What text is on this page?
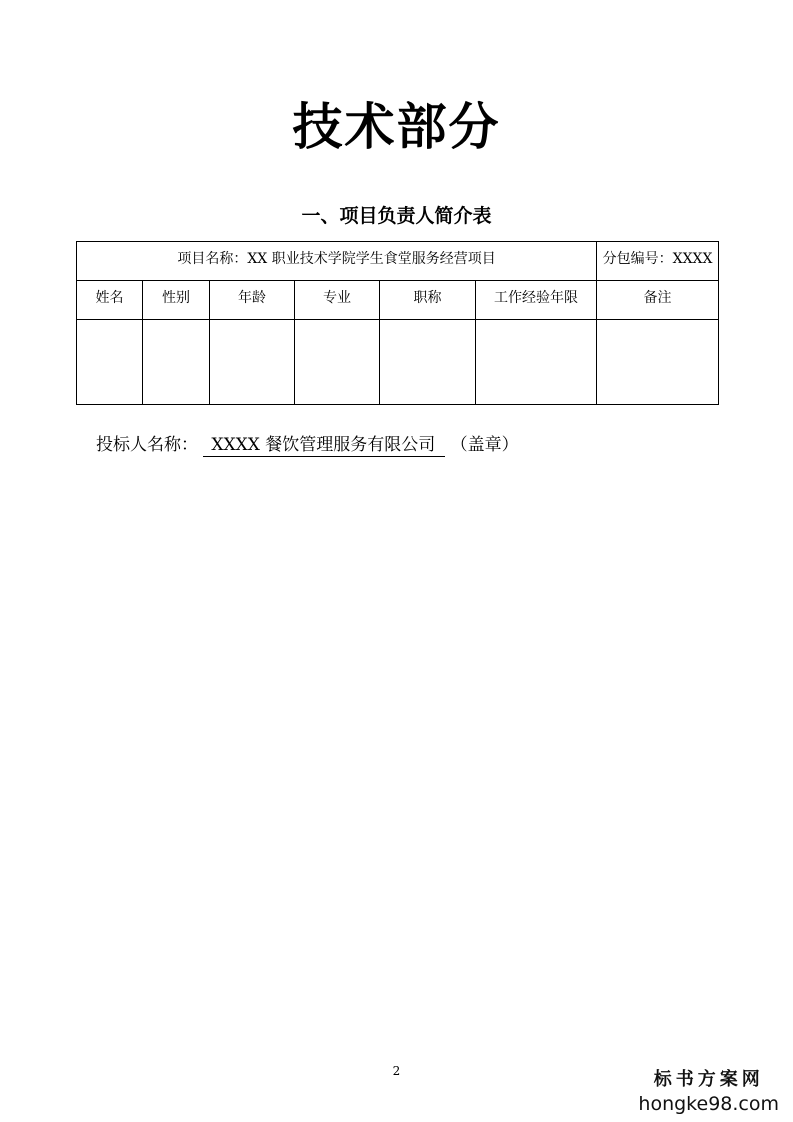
技术部分
一、项目负责人简介表
项目名称：XX 职业技术学院学生食堂服务经营项目						分包编号：XXXX
姓名	性别	年龄	专业	职称	工作经验年限	备注

投标人名称： XXXX 餐饮管理服务有限公司 （盖章）
2	标书方案网
hongke98.com
